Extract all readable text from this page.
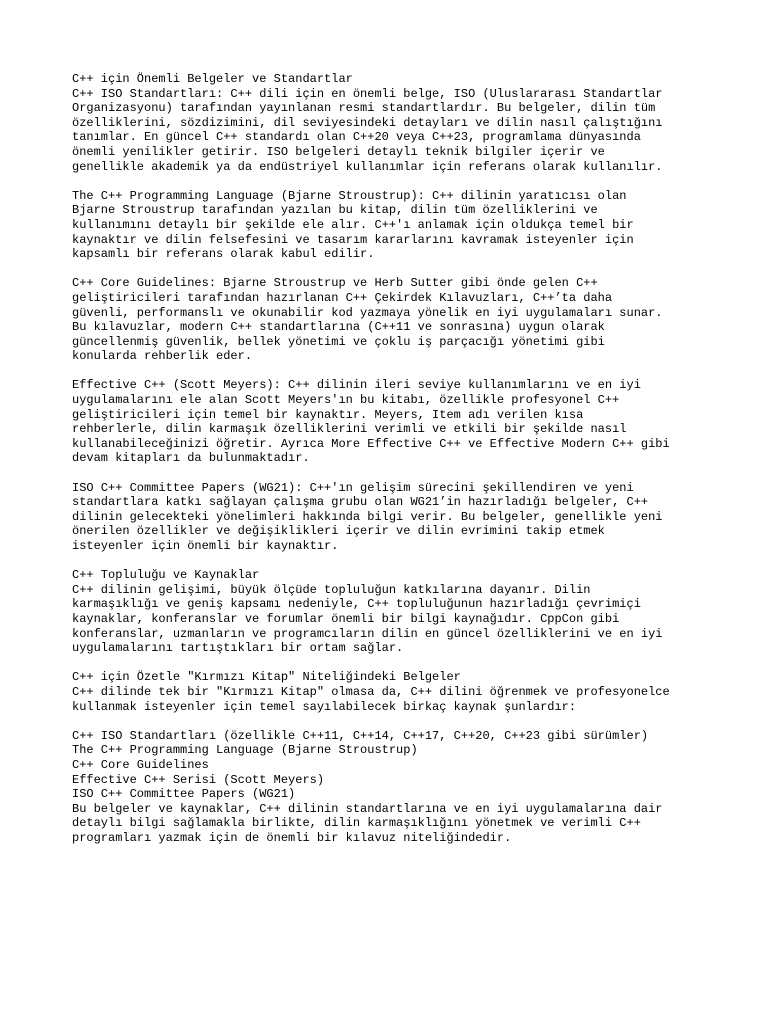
C++ için Önemli Belgeler ve Standartlar
C++ ISO Standartları: C++ dili için en önemli belge, ISO (Uluslararası Standartlar
Organizasyonu) tarafından yayınlanan resmi standartlardır. Bu belgeler, dilin tüm
özelliklerini, sözdizimini, dil seviyesindeki detayları ve dilin nasıl çalıştığını
tanımlar. En güncel C++ standardı olan C++20 veya C++23, programlama dünyasında
önemli yenilikler getirir. ISO belgeleri detaylı teknik bilgiler içerir ve
genellikle akademik ya da endüstriyel kullanımlar için referans olarak kullanılır.
The C++ Programming Language (Bjarne Stroustrup): C++ dilinin yaratıcısı olan
Bjarne Stroustrup tarafından yazılan bu kitap, dilin tüm özelliklerini ve
kullanımını detaylı bir şekilde ele alır. C++'ı anlamak için oldukça temel bir
kaynaktır ve dilin felsefesini ve tasarım kararlarını kavramak isteyenler için
kapsamlı bir referans olarak kabul edilir.
C++ Core Guidelines: Bjarne Stroustrup ve Herb Sutter gibi önde gelen C++
geliştiricileri tarafından hazırlanan C++ Çekirdek Kılavuzları, C++’ta daha
güvenli, performanslı ve okunabilir kod yazmaya yönelik en iyi uygulamaları sunar.
Bu kılavuzlar, modern C++ standartlarına (C++11 ve sonrasına) uygun olarak
güncellenmiş güvenlik, bellek yönetimi ve çoklu iş parçacığı yönetimi gibi
konularda rehberlik eder.
Effective C++ (Scott Meyers): C++ dilinin ileri seviye kullanımlarını ve en iyi
uygulamalarını ele alan Scott Meyers'ın bu kitabı, özellikle profesyonel C++
geliştiricileri için temel bir kaynaktır. Meyers, Item adı verilen kısa
rehberlerle, dilin karmaşık özelliklerini verimli ve etkili bir şekilde nasıl
kullanabileceğinizi öğretir. Ayrıca More Effective C++ ve Effective Modern C++ gibi
devam kitapları da bulunmaktadır.
ISO C++ Committee Papers (WG21): C++'ın gelişim sürecini şekillendiren ve yeni
standartlara katkı sağlayan çalışma grubu olan WG21’in hazırladığı belgeler, C++
dilinin gelecekteki yönelimleri hakkında bilgi verir. Bu belgeler, genellikle yeni
önerilen özellikler ve değişiklikleri içerir ve dilin evrimini takip etmek
isteyenler için önemli bir kaynaktır.
C++ Topluluğu ve Kaynaklar
C++ dilinin gelişimi, büyük ölçüde topluluğun katkılarına dayanır. Dilin
karmaşıklığı ve geniş kapsamı nedeniyle, C++ topluluğunun hazırladığı çevrimiçi
kaynaklar, konferanslar ve forumlar önemli bir bilgi kaynağıdır. CppCon gibi
konferanslar, uzmanların ve programcıların dilin en güncel özelliklerini ve en iyi
uygulamalarını tartıştıkları bir ortam sağlar.
C++ için Özetle "Kırmızı Kitap" Niteliğindeki Belgeler
C++ dilinde tek bir "Kırmızı Kitap" olmasa da, C++ dilini öğrenmek ve profesyonelce
kullanmak isteyenler için temel sayılabilecek birkaç kaynak şunlardır:
C++ ISO Standartları (özellikle C++11, C++14, C++17, C++20, C++23 gibi sürümler)
The C++ Programming Language (Bjarne Stroustrup)
C++ Core Guidelines
Effective C++ Serisi (Scott Meyers)
ISO C++ Committee Papers (WG21)
Bu belgeler ve kaynaklar, C++ dilinin standartlarına ve en iyi uygulamalarına dair
detaylı bilgi sağlamakla birlikte, dilin karmaşıklığını yönetmek ve verimli C++
programları yazmak için de önemli bir kılavuz niteliğindedir.
